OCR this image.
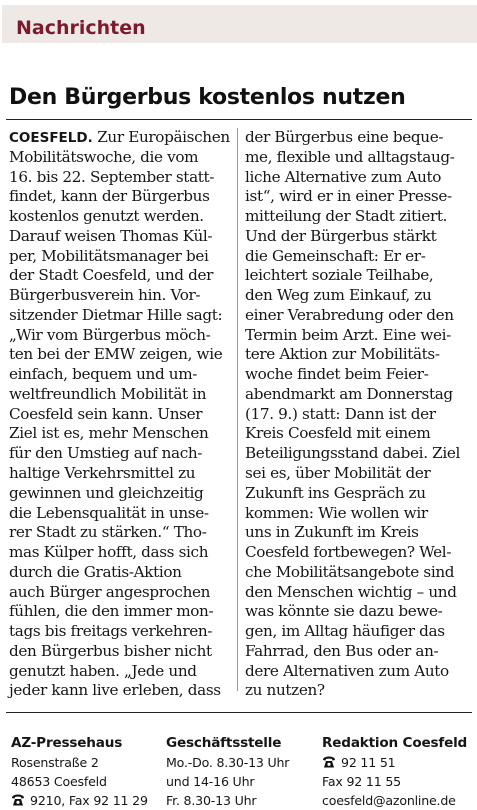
Nachrichten
Den Bürgerbus kostenlos nutzen
COESFELD. Zur Europäischen
Mobilitätswoche, die vom
16. bis 22. September statt-
findet, kann der Bürgerbus
kostenlos genutzt werden.
Darauf weisen Thomas Kül-
per, Mobilitätsmanager bei
der Stadt Coesfeld, und der
Bürgerbusverein hin. Vor-
sitzender Dietmar Hille sagt:
„Wir vom Bürgerbus möch-
ten bei der EMW zeigen, wie
einfach, bequem und um-
weltfreundlich Mobilität in
Coesfeld sein kann. Unser
Ziel ist es, mehr Menschen
für den Umstieg auf nach-
haltige Verkehrsmittel zu
gewinnen und gleichzeitig
die Lebensqualität in unse-
rer Stadt zu stärken.“ Tho-
mas Külper hofft, dass sich
durch die Gratis-Aktion
auch Bürger angesprochen
fühlen, die den immer mon-
tags bis freitags verkehren-
den Bürgerbus bisher nicht
genutzt haben. „Jede und
jeder kann live erleben, dass
der Bürgerbus eine beque-
me, flexible und alltagstaug-
liche Alternative zum Auto
ist“, wird er in einer Presse-
mitteilung der Stadt zitiert.
Und der Bürgerbus stärkt
die Gemeinschaft: Er er-
leichtert soziale Teilhabe,
den Weg zum Einkauf, zu
einer Verabredung oder den
Termin beim Arzt. Eine wei-
tere Aktion zur Mobilitäts-
woche findet beim Feier-
abendmarkt am Donnerstag
(17. 9.) statt: Dann ist der
Kreis Coesfeld mit einem
Beteiligungsstand dabei. Ziel
sei es, über Mobilität der
Zukunft ins Gespräch zu
kommen: Wie wollen wir
uns in Zukunft im Kreis
Coesfeld fortbewegen? Wel-
che Mobilitätsangebote sind
den Menschen wichtig – und
was könnte sie dazu bewe-
gen, im Alltag häufiger das
Fahrrad, den Bus oder an-
dere Alternativen zum Auto
zu nutzen?
AZ-Pressehaus
Rosenstraße 2
48653 Coesfeld
9210, Fax 92 11 29
Geschäftsstelle
Mo.-Do. 8.30-13 Uhr
und 14-16 Uhr
Fr. 8.30-13 Uhr
Redaktion Coesfeld
92 11 51
Fax 92 11 55
coesfeld@azonline.de
